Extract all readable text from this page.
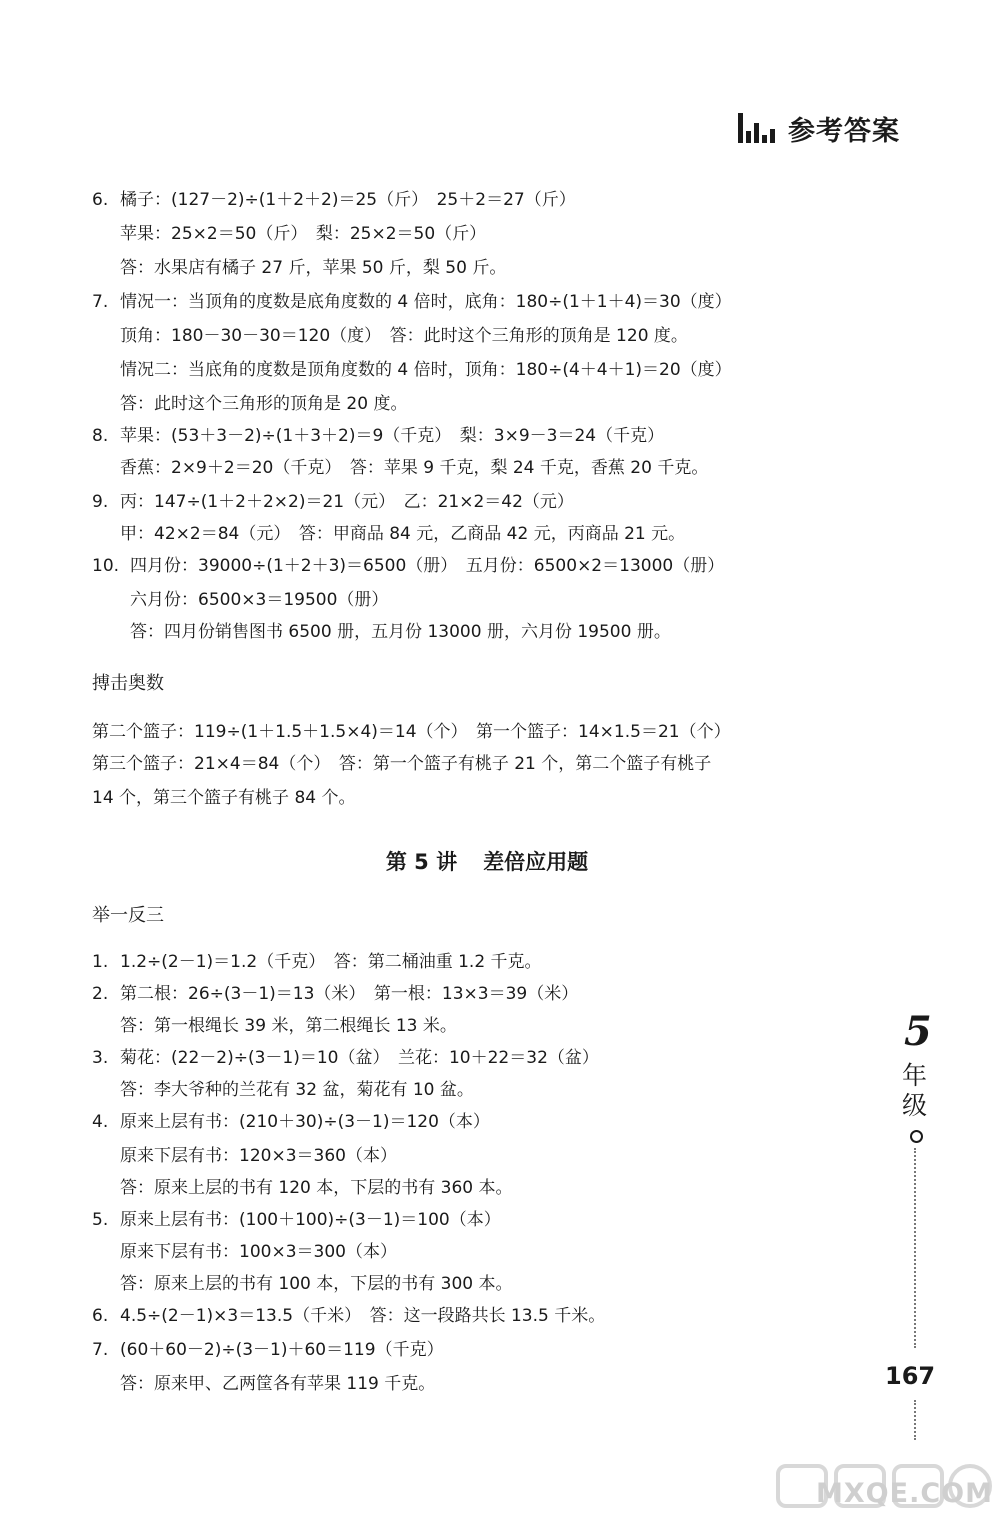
参考答案
6. 橘子：(127－2)÷(1＋2＋2)＝25（斤）　25＋2＝27（斤）
苹果：25×2＝50（斤）　梨：25×2＝50（斤）
答：水果店有橘子 27 斤，苹果 50 斤，梨 50 斤。
7. 情况一：当顶角的度数是底角度数的 4 倍时，底角：180÷(1＋1＋4)＝30（度）
顶角：180－30－30＝120（度）　答：此时这个三角形的顶角是 120 度。
情况二：当底角的度数是顶角度数的 4 倍时，顶角：180÷(4＋4＋1)＝20（度）
答：此时这个三角形的顶角是 20 度。
8. 苹果：(53＋3－2)÷(1＋3＋2)＝9（千克）　梨：3×9－3＝24（千克）
香蕉：2×9＋2＝20（千克）　答：苹果 9 千克，梨 24 千克，香蕉 20 千克。
9. 丙：147÷(1＋2＋2×2)＝21（元）　乙：21×2＝42（元）
甲：42×2＝84（元）　答：甲商品 84 元，乙商品 42 元，丙商品 21 元。
10. 四月份：39000÷(1＋2＋3)＝6500（册）　五月份：6500×2＝13000（册）
六月份：6500×3＝19500（册）
答：四月份销售图书 6500 册，五月份 13000 册，六月份 19500 册。
搏击奥数
第二个篮子：119÷(1＋1.5＋1.5×4)＝14（个）　第一个篮子：14×1.5＝21（个）
第三个篮子：21×4＝84（个）　答：第一个篮子有桃子 21 个，第二个篮子有桃子
14 个，第三个篮子有桃子 84 个。
第 5 讲 差倍应用题
举一反三
1. 1.2÷(2－1)＝1.2（千克）　答：第二桶油重 1.2 千克。
2. 第二根：26÷(3－1)＝13（米）　第一根：13×3＝39（米）
答：第一根绳长 39 米，第二根绳长 13 米。
3. 菊花：(22－2)÷(3－1)＝10（盆）　兰花：10＋22＝32（盆）
答：李大爷种的兰花有 32 盆，菊花有 10 盆。
4. 原来上层有书：(210＋30)÷(3－1)＝120（本）
原来下层有书：120×3＝360（本）
答：原来上层的书有 120 本，下层的书有 360 本。
5. 原来上层有书：(100＋100)÷(3－1)＝100（本）
原来下层有书：100×3＝300（本）
答：原来上层的书有 100 本，下层的书有 300 本。
6. 4.5÷(2－1)×3＝13.5（千米）　答：这一段路共长 13.5 千米。
7. (60＋60－2)÷(3－1)＋60＝119（千克）
答：原来甲、乙两筐各有苹果 119 千克。
5
年
级
167
MXQE.COM
